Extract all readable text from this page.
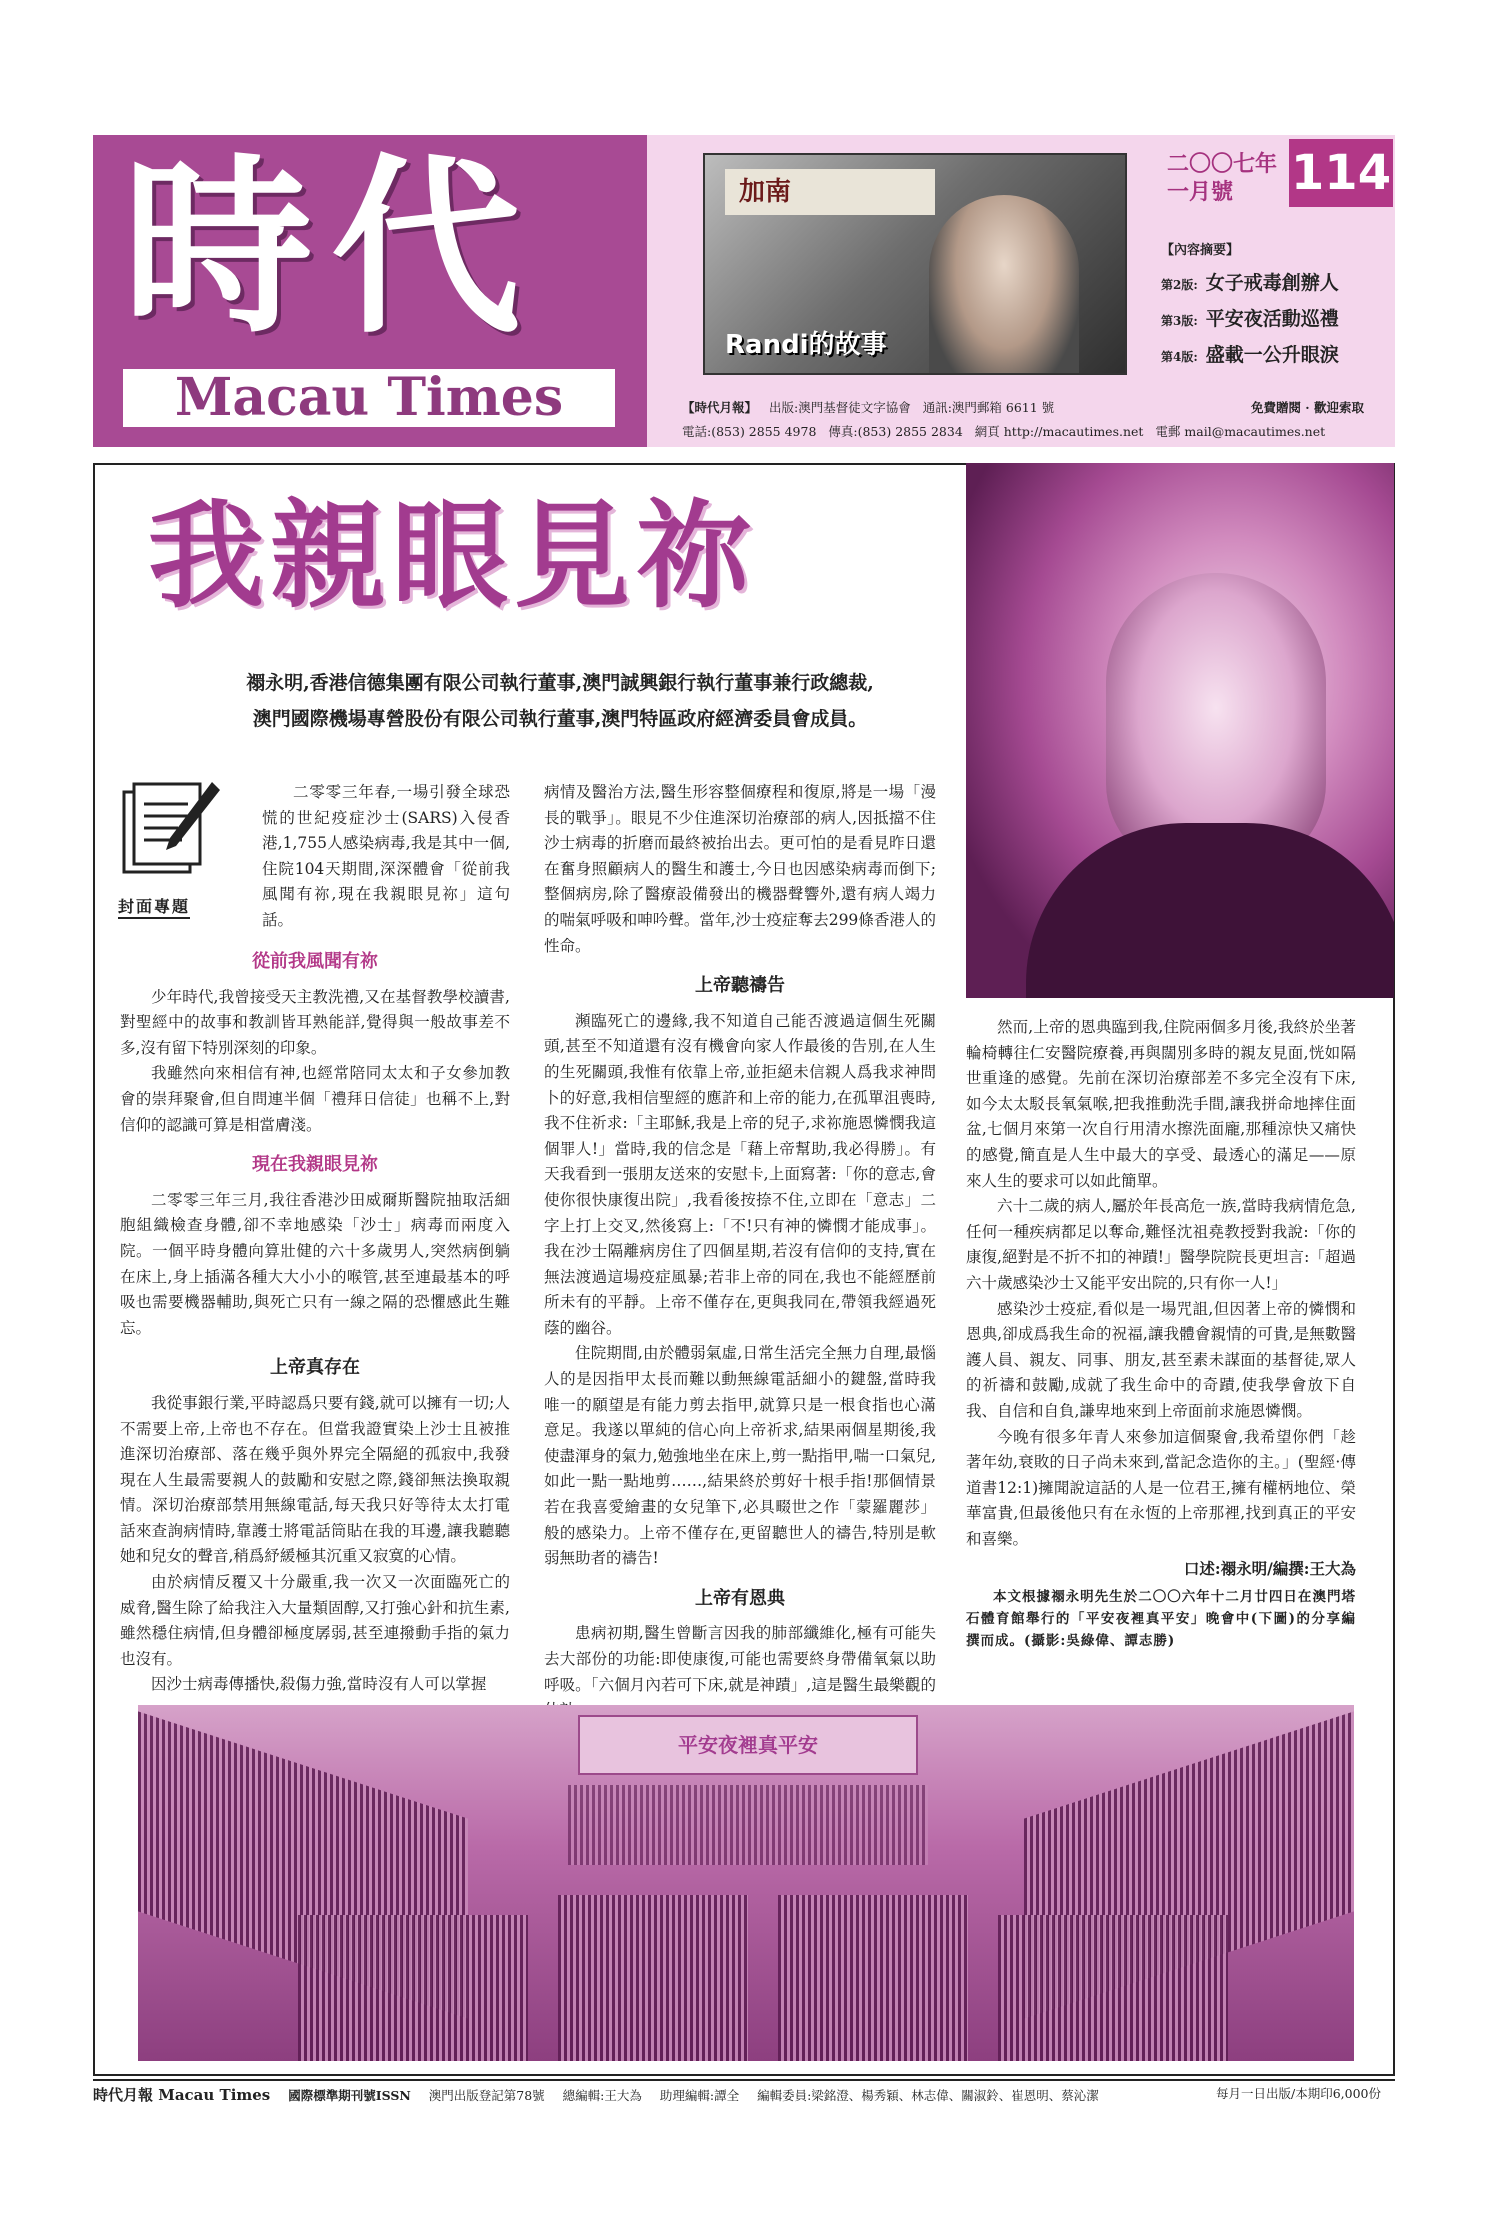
時代
Macau Times
加南
Randi的故事
二〇〇七年
一月號	114
【內容摘要】
第2版: 女子戒毒創辦人
第3版: 平安夜活動巡禮
第4版: 盛載一公升眼淚
【時代月報】 出版:澳門基督徒文字協會 通訊:澳門郵箱 6611 號	免費贈閱 · 歡迎索取
電話:(853) 2855 4978 傳真:(853) 2855 2834 網頁 http://macautimes.net 電郵 mail@macautimes.net
我親眼見祢
禤永明,香港信德集團有限公司執行董事,澳門誠興銀行執行董事兼行政總裁,
澳門國際機場專營股份有限公司執行董事,澳門特區政府經濟委員會成員。
封面專題

二零零三年春,一場引發全球恐慌的世紀疫症沙士(SARS)入侵香港,1,755人感染病毒,我是其中一個,住院104天期間,深深體會「從前我風聞有祢,現在我親眼見祢」這句話。

從前我風聞有祢

少年時代,我曾接受天主教洗禮,又在基督教學校讀書,對聖經中的故事和教訓皆耳熟能詳,覺得與一般故事差不多,沒有留下特別深刻的印象。

我雖然向來相信有神,也經常陪同太太和子女參加教會的崇拜聚會,但自問連半個「禮拜日信徒」也稱不上,對信仰的認識可算是相當膚淺。

現在我親眼見祢

二零零三年三月,我往香港沙田威爾斯醫院抽取活細胞組織檢查身體,卻不幸地感染「沙士」病毒而兩度入院。一個平時身體向算壯健的六十多歲男人,突然病倒躺在床上,身上插滿各種大大小小的喉管,甚至連最基本的呼吸也需要機器輔助,與死亡只有一線之隔的恐懼感此生難忘。

上帝真存在

我從事銀行業,平時認爲只要有錢,就可以擁有一切;人不需要上帝,上帝也不存在。但當我證實染上沙士且被推進深切治療部、落在幾乎與外界完全隔絕的孤寂中,我發現在人生最需要親人的鼓勵和安慰之際,錢卻無法換取親情。深切治療部禁用無線電話,每天我只好等待太太打電話來查詢病情時,靠護士將電話筒貼在我的耳邊,讓我聽聽她和兒女的聲音,稍爲紓緩極其沉重又寂寞的心情。

由於病情反覆又十分嚴重,我一次又一次面臨死亡的威脅,醫生除了給我注入大量類固醇,又打強心針和抗生素,雖然穩住病情,但身體卻極度孱弱,甚至連撥動手指的氣力也沒有。

因沙士病毒傳播快,殺傷力強,當時沒有人可以掌握

病情及醫治方法,醫生形容整個療程和復原,將是一場「漫長的戰爭」。眼見不少住進深切治療部的病人,因抵擋不住沙士病毒的折磨而最終被抬出去。更可怕的是看見昨日還在奮身照顧病人的醫生和護士,今日也因感染病毒而倒下;整個病房,除了醫療設備發出的機器聲響外,還有病人竭力的喘氣呼吸和呻吟聲。當年,沙士疫症奪去299條香港人的性命。

上帝聽禱告

瀕臨死亡的邊緣,我不知道自己能否渡過這個生死關頭,甚至不知道還有沒有機會向家人作最後的告別,在人生的生死關頭,我惟有依靠上帝,並拒絕未信親人爲我求神問卜的好意,我相信聖經的應許和上帝的能力,在孤單沮喪時,我不住祈求:「主耶穌,我是上帝的兒子,求祢施恩憐憫我這個罪人!」當時,我的信念是「藉上帝幫助,我必得勝」。有天我看到一張朋友送來的安慰卡,上面寫著:「你的意志,會使你很快康復出院」,我看後按捺不住,立即在「意志」二字上打上交叉,然後寫上:「不!只有神的憐憫才能成事」。我在沙士隔離病房住了四個星期,若沒有信仰的支持,實在無法渡過這場疫症風暴;若非上帝的同在,我也不能經歷前所未有的平靜。上帝不僅存在,更與我同在,帶領我經過死蔭的幽谷。

住院期間,由於體弱氣虛,日常生活完全無力自理,最惱人的是因指甲太長而難以動無線電話細小的鍵盤,當時我唯一的願望是有能力剪去指甲,就算只是一根食指也心滿意足。我遂以單純的信心向上帝祈求,結果兩個星期後,我使盡渾身的氣力,勉強地坐在床上,剪一點指甲,喘一口氣兒,如此一點一點地剪……,結果終於剪好十根手指!那個情景若在我喜愛繪畫的女兒筆下,必具畷世之作「蒙羅麗莎」般的感染力。上帝不僅存在,更留聽世人的禱告,特別是軟弱無助者的禱告!

上帝有恩典

患病初期,醫生曾斷言因我的肺部纖維化,極有可能失去大部份的功能:即使康復,可能也需要終身帶備氧氣以助呼吸。「六個月內若可下床,就是神蹟」,這是醫生最樂觀的

然而,上帝的恩典臨到我,住院兩個多月後,我終於坐著輪椅轉往仁安醫院療養,再與闊別多時的親友見面,恍如隔世重逢的感覺。先前在深切治療部差不多完全沒有下床,如今太太駁長氧氣喉,把我推動洗手間,讓我拼命地摔住面盆,七個月來第一次自行用清水擦洗面龐,那種涼快又痛快的感覺,簡直是人生中最大的享受、最透心的滿足——原來人生的要求可以如此簡單。

六十二歲的病人,屬於年長高危一族,當時我病情危急,任何一種疾病都足以奪命,難怪沈祖堯教授對我說:「你的康復,絕對是不折不扣的神蹟!」醫學院院長更坦言:「超過六十歲感染沙士又能平安出院的,只有你一人!」

感染沙士疫症,看似是一場咒詛,但因著上帝的憐憫和恩典,卻成爲我生命的祝福,讓我體會親情的可貴,是無數醫護人員、親友、同事、朋友,甚至素未謀面的基督徒,眾人的祈禱和鼓勵,成就了我生命中的奇蹟,使我學會放下自我、自信和自負,謙卑地來到上帝面前求施恩憐憫。

今晚有很多年青人來參加這個聚會,我希望你們「趁著年幼,衰敗的日子尚未來到,當記念造你的主。」(聖經·傳道書12:1)擁聞說這話的人是一位君王,擁有權柄地位、榮華富貴,但最後他只有在永恆的上帝那裡,找到真正的平安和喜樂。

口述:禤永明/編撰:王大為

本文根據禤永明先生於二〇〇六年十二月廿四日在澳門塔石體育館舉行的「平安夜裡真平安」晚會中(下圖)的分享編撰而成。(攝影:吳綠偉、譚志勝)

平安夜裡真平安
時代月報 Macau Times 國際標準期刊號ISSN 澳門出版登記第78號 總編輯:王大為 助理編輯:譚全 編輯委員:梁銘澄、楊秀穎、林志偉、關淑鈴、崔恩明、蔡沁潔	每月一日出版/本期印6,000份
